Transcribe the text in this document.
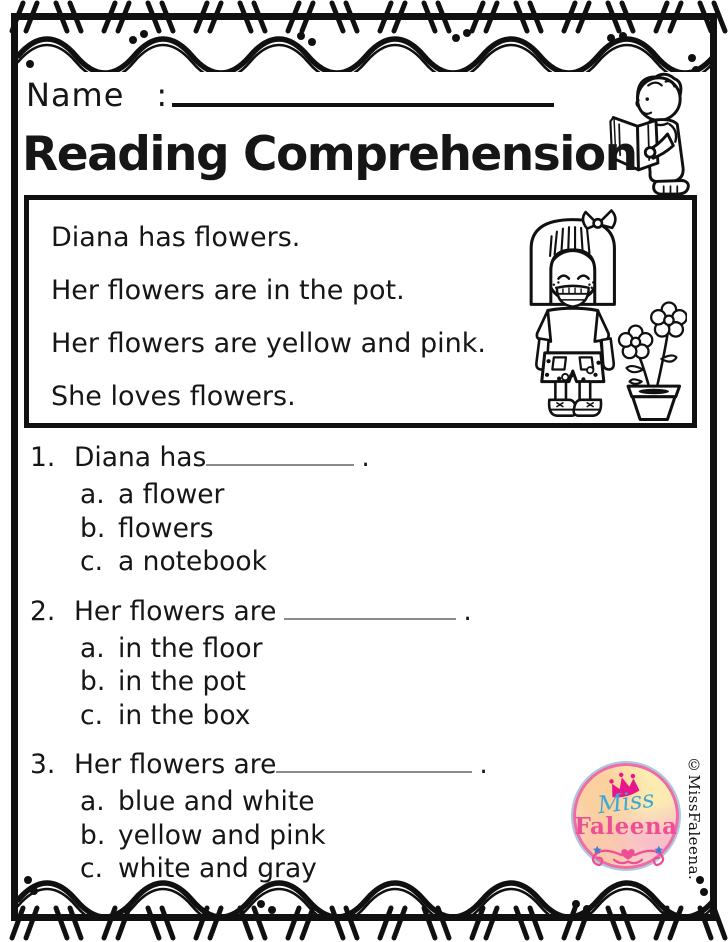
Name :
Reading Comprehension
Diana has flowers.
Her flowers are in the pot.
Her flowers are yellow and pink.
She loves flowers.
1. Diana has	.
a. a flower
b. flowers
c. a notebook
2. Her flowers are	.
a. in the floor
b. in the pot
c. in the box
3. Her flowers are	.
a. blue and white
b. yellow and pink
c. white and gray
Miss
Faleena ©MissFaleena.
